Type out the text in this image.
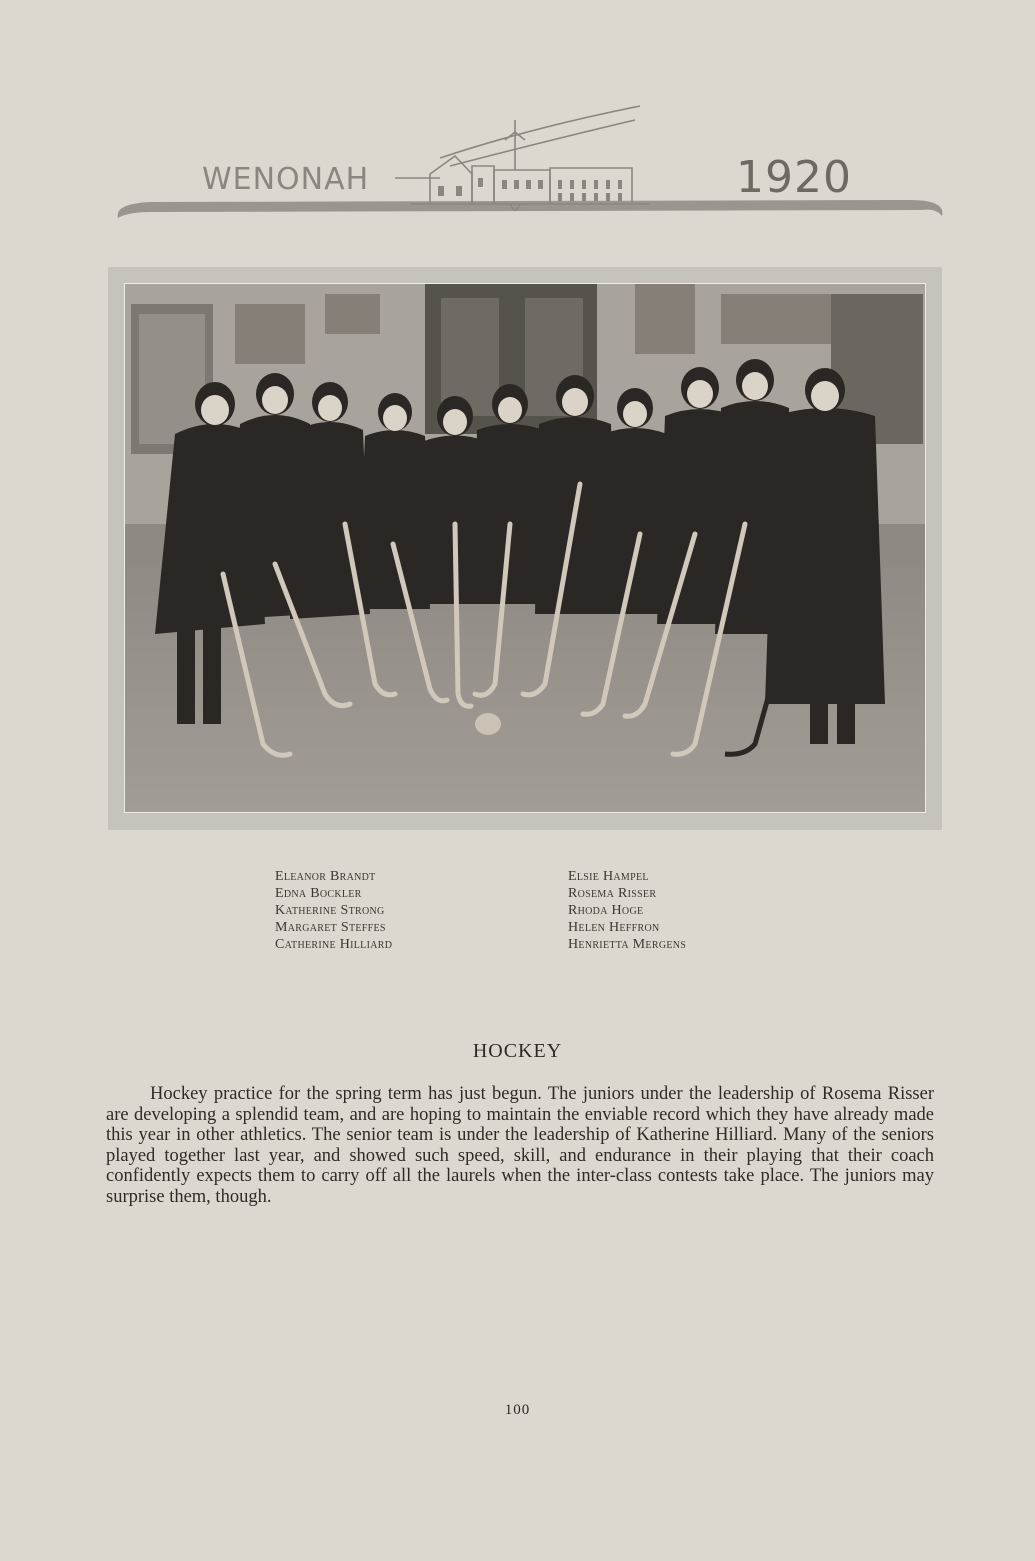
WENONAH	1920
Eleanor Brandt
Edna Bockler
Katherine Strong
Margaret Steffes
Catherine Hilliard
Elsie Hampel
Rosema Risser
Rhoda Hoge
Helen Heffron
Henrietta Mergens
HOCKEY
Hockey practice for the spring term has just begun. The juniors under the leadership of Rosema Risser are developing a splendid team, and are hoping to maintain the enviable record which they have already made this year in other athletics. The senior team is under the leadership of Katherine Hilliard. Many of the seniors played together last year, and showed such speed, skill, and endurance in their playing that their coach confidently expects them to carry off all the laurels when the inter-class contests take place. The juniors may surprise them, though.
100
